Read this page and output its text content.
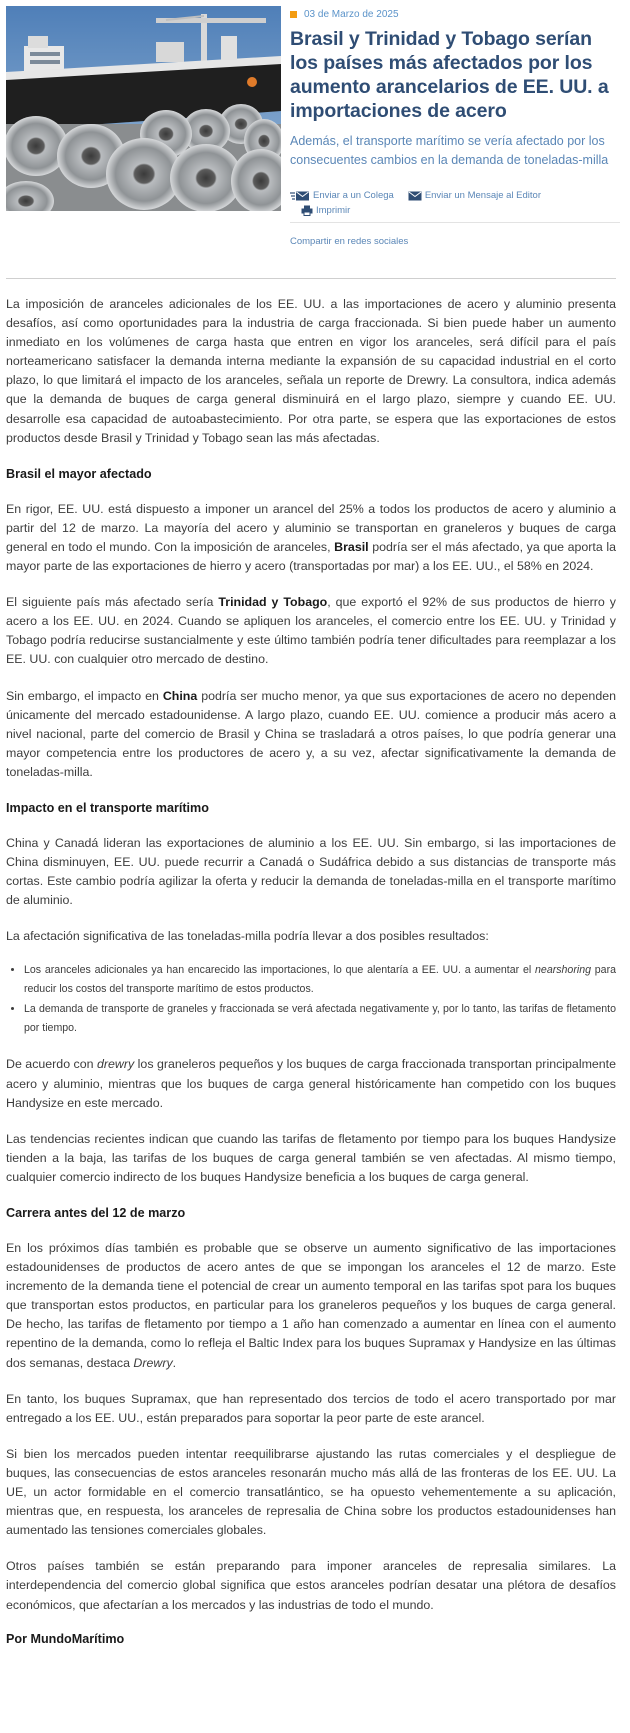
03 de Marzo de 2025
Brasil y Trinidad y Tobago serían los países más afectados por los aumento arancelarios de EE. UU. a importaciones de acero
Además, el transporte marítimo se vería afectado por los consecuentes cambios en la demanda de toneladas-milla
Enviar a un Colega	Enviar un Mensaje al Editor
Imprimir
Compartir en redes sociales

La imposición de aranceles adicionales de los EE. UU. a las importaciones de acero y aluminio presenta desafíos, así como oportunidades para la industria de carga fraccionada. Si bien puede haber un aumento inmediato en los volúmenes de carga hasta que entren en vigor los aranceles, será difícil para el país norteamericano satisfacer la demanda interna mediante la expansión de su capacidad industrial en el corto plazo, lo que limitará el impacto de los aranceles, señala un reporte de Drewry. La consultora, indica además que la demanda de buques de carga general disminuirá en el largo plazo, siempre y cuando EE. UU. desarrolle esa capacidad de autoabastecimiento. Por otra parte, se espera que las exportaciones de estos productos desde Brasil y Trinidad y Tobago sean las más afectadas.

Brasil el mayor afectado

En rigor, EE. UU. está dispuesto a imponer un arancel del 25% a todos los productos de acero y aluminio a partir del 12 de marzo. La mayoría del acero y aluminio se transportan en graneleros y buques de carga general en todo el mundo. Con la imposición de aranceles, Brasil podría ser el más afectado, ya que aporta la mayor parte de las exportaciones de hierro y acero (transportadas por mar) a los EE. UU., el 58% en 2024.

El siguiente país más afectado sería Trinidad y Tobago, que exportó el 92% de sus productos de hierro y acero a los EE. UU. en 2024. Cuando se apliquen los aranceles, el comercio entre los EE. UU. y Trinidad y Tobago podría reducirse sustancialmente y este último también podría tener dificultades para reemplazar a los EE. UU. con cualquier otro mercado de destino.

Sin embargo, el impacto en China podría ser mucho menor, ya que sus exportaciones de acero no dependen únicamente del mercado estadounidense. A largo plazo, cuando EE. UU. comience a producir más acero a nivel nacional, parte del comercio de Brasil y China se trasladará a otros países, lo que podría generar una mayor competencia entre los productores de acero y, a su vez, afectar significativamente la demanda de toneladas-milla.

Impacto en el transporte marítimo

China y Canadá lideran las exportaciones de aluminio a los EE. UU. Sin embargo, si las importaciones de China disminuyen, EE. UU. puede recurrir a Canadá o Sudáfrica debido a sus distancias de transporte más cortas. Este cambio podría agilizar la oferta y reducir la demanda de toneladas-milla en el transporte marítimo de aluminio.

La afectación significativa de las toneladas-milla podría llevar a dos posibles resultados:

• Los aranceles adicionales ya han encarecido las importaciones, lo que alentaría a EE. UU. a aumentar el nearshoring para reducir los costos del transporte marítimo de estos productos.
• La demanda de transporte de graneles y fraccionada se verá afectada negativamente y, por lo tanto, las tarifas de fletamento por tiempo.

De acuerdo con drewry los graneleros pequeños y los buques de carga fraccionada transportan principalmente acero y aluminio, mientras que los buques de carga general históricamente han competido con los buques Handysize en este mercado.

Las tendencias recientes indican que cuando las tarifas de fletamento por tiempo para los buques Handysize tienden a la baja, las tarifas de los buques de carga general también se ven afectadas. Al mismo tiempo, cualquier comercio indirecto de los buques Handysize beneficia a los buques de carga general.

Carrera antes del 12 de marzo

En los próximos días también es probable que se observe un aumento significativo de las importaciones estadounidenses de productos de acero antes de que se impongan los aranceles el 12 de marzo. Este incremento de la demanda tiene el potencial de crear un aumento temporal en las tarifas spot para los buques que transportan estos productos, en particular para los graneleros pequeños y los buques de carga general. De hecho, las tarifas de fletamento por tiempo a 1 año han comenzado a aumentar en línea con el aumento repentino de la demanda, como lo refleja el Baltic Index para los buques Supramax y Handysize en las últimas dos semanas, destaca Drewry.

En tanto, los buques Supramax, que han representado dos tercios de todo el acero transportado por mar entregado a los EE. UU., están preparados para soportar la peor parte de este arancel.

Si bien los mercados pueden intentar reequilibrarse ajustando las rutas comerciales y el despliegue de buques, las consecuencias de estos aranceles resonarán mucho más allá de las fronteras de los EE. UU. La UE, un actor formidable en el comercio transatlántico, se ha opuesto vehementemente a su aplicación, mientras que, en respuesta, los aranceles de represalia de China sobre los productos estadounidenses han aumentado las tensiones comerciales globales.

Otros países también se están preparando para imponer aranceles de represalia similares. La interdependencia del comercio global significa que estos aranceles podrían desatar una plétora de desafíos económicos, que afectarían a los mercados y las industrias de todo el mundo.

Por MundoMarítimo
